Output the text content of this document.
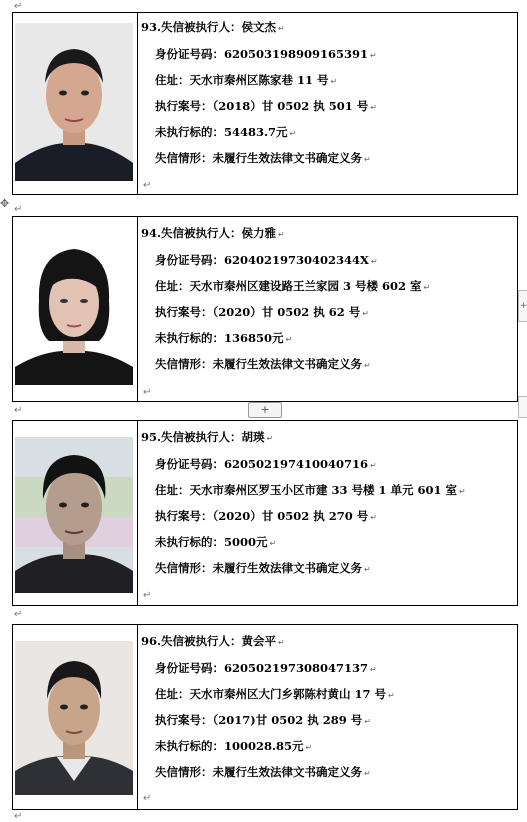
↵
↵
↵
↵
↵
✥
+
+
93.失信被执行人：侯文杰 ↵
身份证号码：620503198909165391 ↵
住址：天水市秦州区陈家巷 11 号 ↵
执行案号：（2018）甘 0502 执 501 号 ↵
未执行标的：54483.7元 ↵
失信情形：未履行生效法律文书确定义务 ↵
↵
94.失信被执行人：侯力雅 ↵
身份证号码：62040219730402344X ↵
住址：天水市秦州区建设路王兰家园 3 号楼 602 室 ↵
执行案号：（2020）甘 0502 执 62 号 ↵
未执行标的：136850元 ↵
失信情形：未履行生效法律文书确定义务 ↵
↵
95.失信被执行人：胡瑛 ↵
身份证号码：620502197410040716 ↵
住址：天水市秦州区罗玉小区市建 33 号楼 1 单元 601 室 ↵
执行案号：（2020）甘 0502 执 270 号 ↵
未执行标的：5000元 ↵
失信情形：未履行生效法律文书确定义务 ↵
↵
96.失信被执行人：黄会平 ↵
身份证号码：620502197308047137 ↵
住址：天水市秦州区大门乡郭陈村黄山 17 号 ↵
执行案号：（2017)甘 0502 执 289 号 ↵
未执行标的：100028.85元 ↵
失信情形：未履行生效法律文书确定义务 ↵
↵
